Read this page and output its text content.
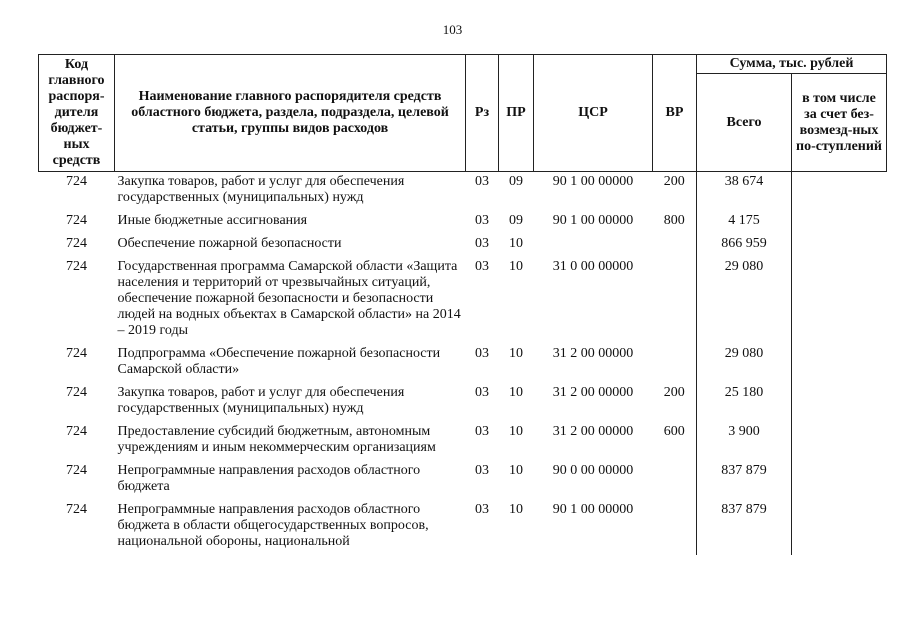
103
Код главного распоря-дителя бюджет-ных средств	Наименование главного распорядителя средств областного бюджета, раздела, подраздела, целевой статьи, группы видов расходов	Рз	ПР	ЦСР	ВР	Сумма, тыс. рублей	
						Всего	в том числе за счет без-возмезд-ных по-ступлений
724	Закупка товаров, работ и услуг для обеспечения государственных (муниципальных) нужд	03	09	90 1 00 00000	200	38 674	
724	Иные бюджетные ассигнования	03	09	90 1 00 00000	800	4 175	
724	Обеспечение пожарной безопасности	03	10			866 959	
724	Государственная программа Самарской области «Защита населения и территорий от чрезвычайных ситуаций, обеспечение пожарной безопасности и безопасности людей на водных объектах в Самарской области» на 2014 – 2019 годы	03	10	31 0 00 00000		29 080	
724	Подпрограмма «Обеспечение пожарной безопасности Самарской области»	03	10	31 2 00 00000		29 080	
724	Закупка товаров, работ и услуг для обеспечения государственных (муниципальных) нужд	03	10	31 2 00 00000	200	25 180	
724	Предоставление субсидий бюджетным, автономным учреждениям и иным некоммерческим организациям	03	10	31 2 00 00000	600	3 900	
724	Непрограммные направления расходов областного бюджета	03	10	90 0 00 00000		837 879	
724	Непрограммные направления расходов областного бюджета в области общегосударственных вопросов, национальной обороны, национальной	03	10	90 1 00 00000		837 879	
